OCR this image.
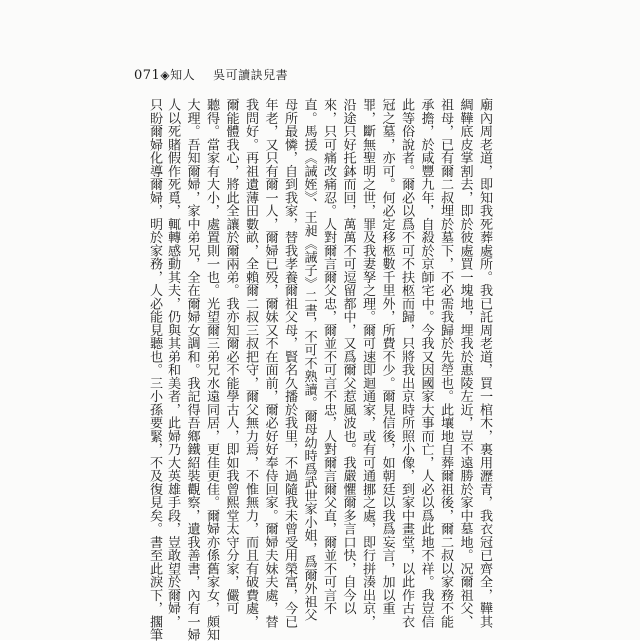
071◈知人 吳可讀訣兒書
廟內周老道，即知我死葬處所。我已託周老道，買一棺木，裏用瀝青，我衣冠已齊全，鞾其
綢鞾底皮掌割去，即於彼處買一塊地，埋我於惠陵左近，豈不遠勝於家中墓地。况爾祖父、
祖母，已有爾二叔埋於墓下，不必需我歸於先塋也。此壤地自葬爾祖後，爾二叔以家務不能
承擔，於咸豐九年，自殺於京師宅中。今我又因國家大事而亡，人必以爲此地不祥。我豈信
此等俗說者。爾必以爲不可不扶柩而歸，只將我出京時所照小像，到家中畫堂，以此作古衣
冠之墓，亦可。何必定移柩數千里外，所費不少。爾見信後，如朝廷以我爲妄言，加以重
罪，斷無聖明之世，罪及我妻孥之理。爾可速即迴通家，或有可通挪之處，即行拼湊出京，
沿途只好托鉢而回，萬萬不可逗留都中，又爲爾父惹風波也。我嚴懼爾多言口快，自今以
來，只可痛改痛忍。人對爾言爾父忠，爾並不可言不忠，人對爾言爾父直，爾並不可言不
直。馬援《誡姪》、王昶《誡子》二書，不可不熟讀。爾母幼時爲武世家小姐，爲爾外祖父
母所最憐，自到我家，替我孝養爾祖父母，賢名久播於我里，不過隨我未曾受用榮富，今已
年老，又只有爾一人，爾婦已殁，爾妹又不在面前，爾必好好奉侍回家。爾婦夫妹夫處，替
我問好。再祖遺薄田數畝，全賴爾二叔三叔把守，爾父無力焉，不惟無力，而且有破費處，
爾能體我心，將此全讓於爾兩弟。我亦知爾必不能學古人，即如我曾熙堂太守分家，儼可
聽得。當家有大小，處置則一也。光望爾三弟兄水遠同居，更佳更佳。爾婦亦係舊家女，頗知
大理。吾知爾婦，家中弟兄，全在爾婦女調和。我記得吾鄉鐵紹裝觀察，遺我善書，內有一婦
人以死賭假作死覓，輒轉感動其夫，仍與其弟和美者，此婦乃大英雄手段，豈敢望於爾婦，
只盼爾婦化導爾婦，明於家務，人必能見聽也。三小孫要緊，不及復見矣。書至此淚下，擱筆
